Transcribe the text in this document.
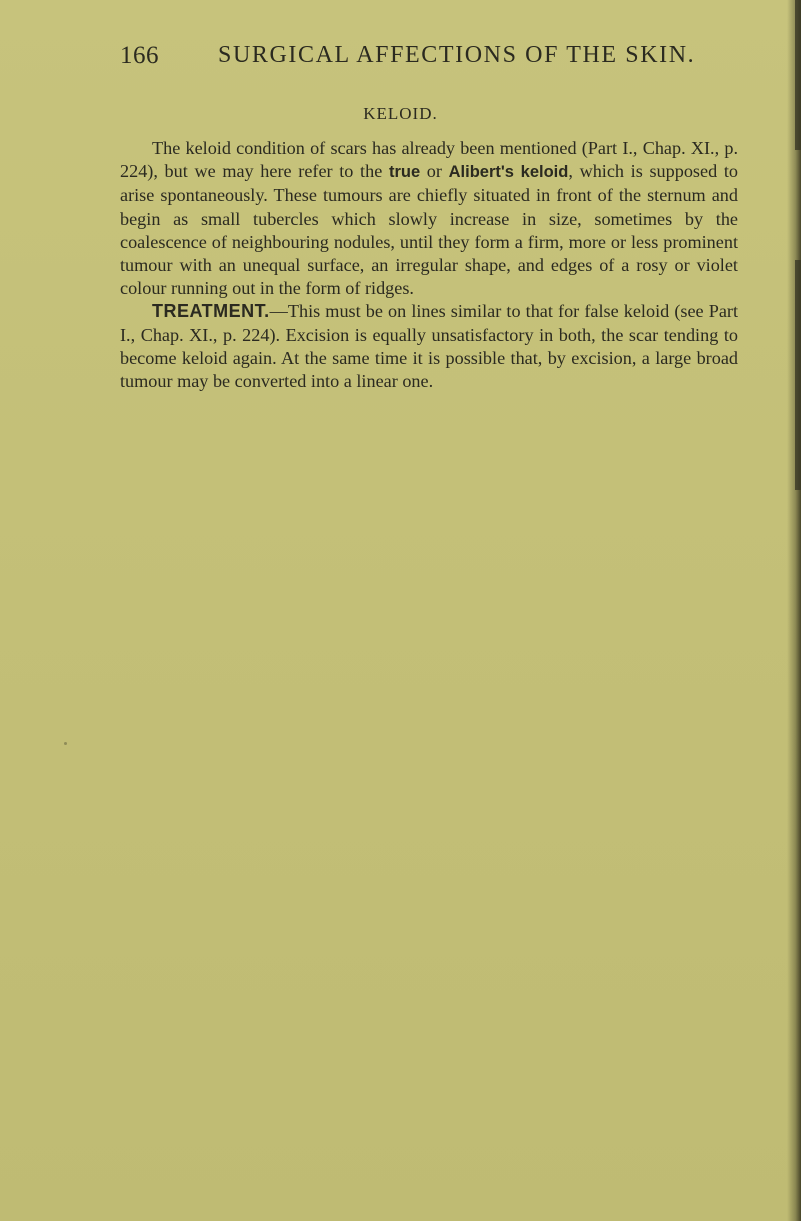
166 SURGICAL AFFECTIONS OF THE SKIN.
KELOID.

The keloid condition of scars has already been mentioned (Part I., Chap. XI., p. 224), but we may here refer to the true or Alibert's keloid, which is supposed to arise spontaneously. These tumours are chiefly situated in front of the sternum and begin as small tubercles which slowly increase in size, sometimes by the coalescence of neighbouring nodules, until they form a firm, more or less prominent tumour with an unequal surface, an irregular shape, and edges of a rosy or violet colour running out in the form of ridges.

TREATMENT.—This must be on lines similar to that for false keloid (see Part I., Chap. XI., p. 224). Excision is equally unsatisfactory in both, the scar tending to become keloid again. At the same time it is possible that, by excision, a large broad tumour may be converted into a linear one.
